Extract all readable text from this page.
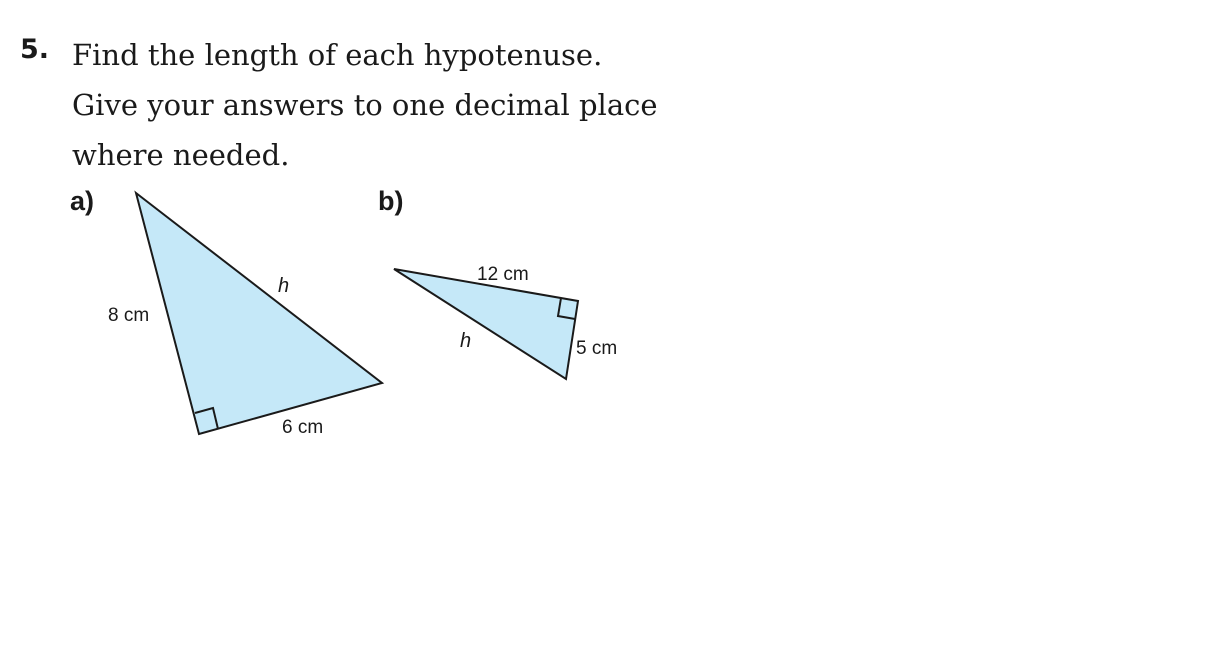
5. Find the length of each hypotenuse.
Give your answers to one decimal place
where needed.
a)	b)
8 cm
6 cm
h
12 cm
5 cm
h
